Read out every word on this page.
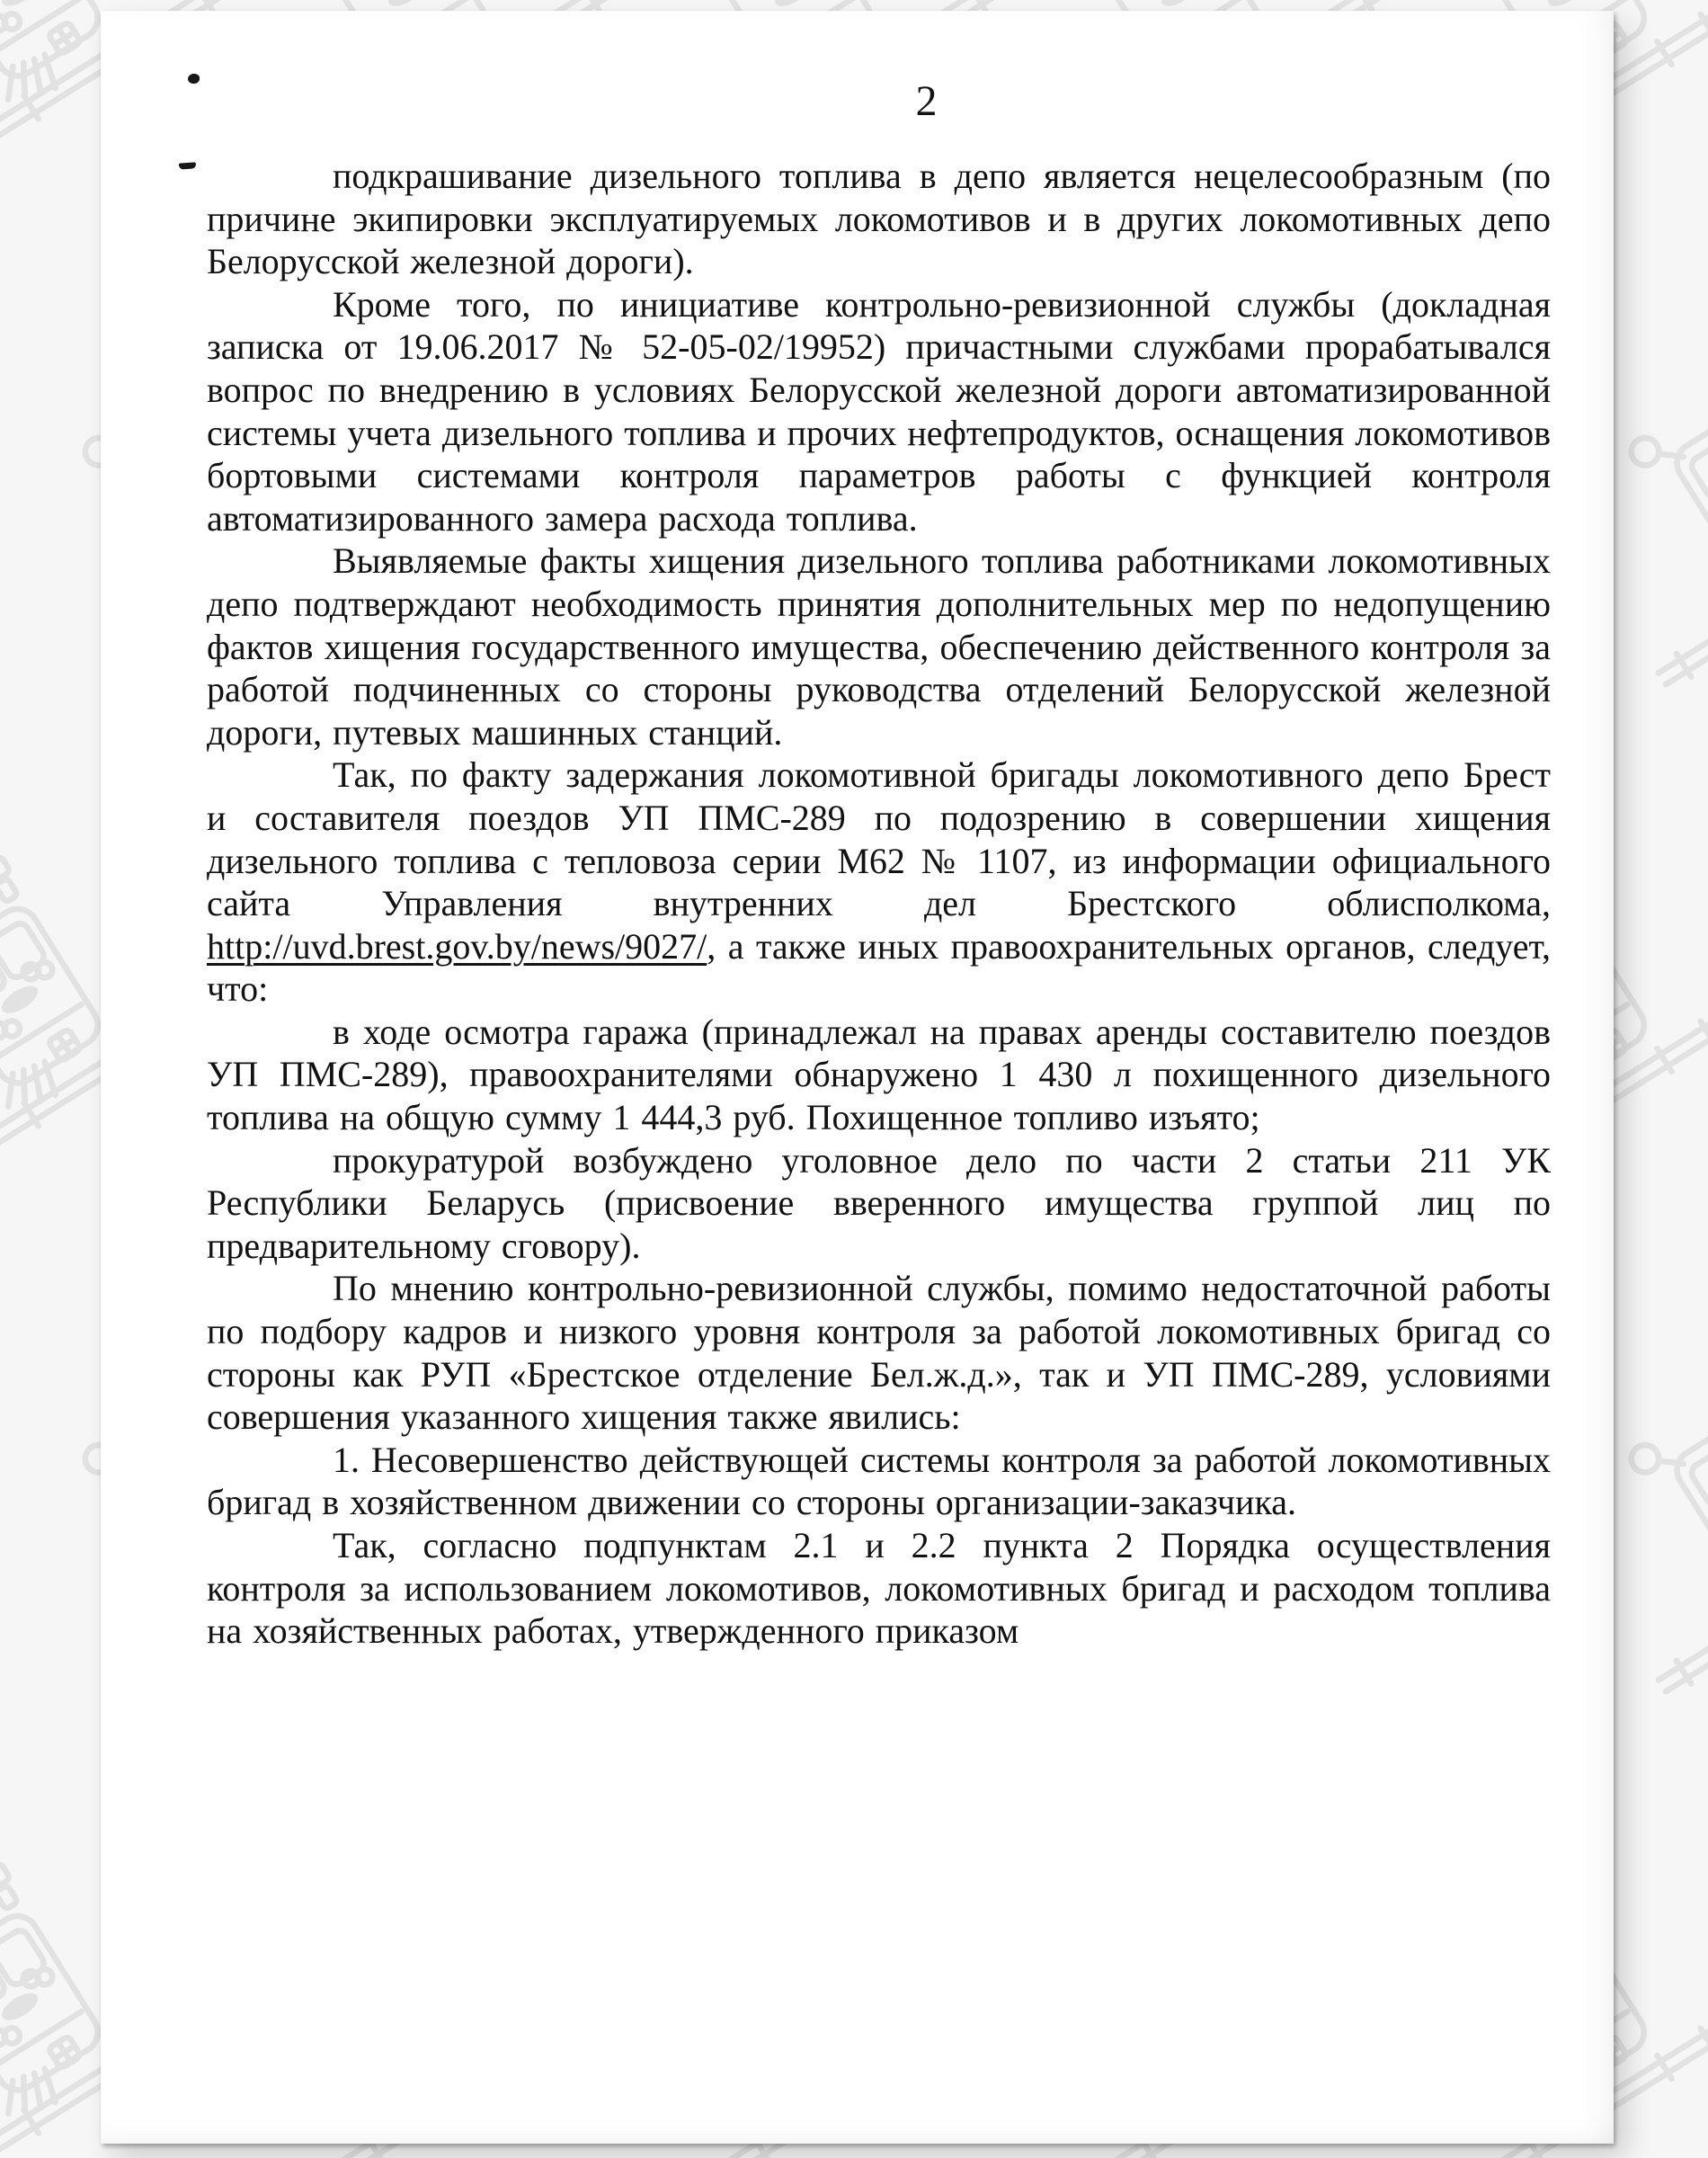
2

подкрашивание дизельного топлива в депо является нецелесообразным (по причине экипировки эксплуатируемых локомотивов и в других локомотивных депо Белорусской железной дороги).

Кроме того, по инициативе контрольно-ревизионной службы (докладная записка от 19.06.2017 № 52-05-02/19952) причастными службами прорабатывался вопрос по внедрению в условиях Белорусской железной дороги автоматизированной системы учета дизельного топлива и прочих нефтепродуктов, оснащения локомотивов бортовыми системами контроля параметров работы с функцией контроля автоматизированного замера расхода топлива.

Выявляемые факты хищения дизельного топлива работниками локомотивных депо подтверждают необходимость принятия дополнительных мер по недопущению фактов хищения государственного имущества, обеспечению действенного контроля за работой подчиненных со стороны руководства отделений Белорусской железной дороги, путевых машинных станций.

Так, по факту задержания локомотивной бригады локомотивного депо Брест и составителя поездов УП ПМС-289 по подозрению в совершении хищения дизельного топлива с тепловоза серии М62 № 1107, из информации официального сайта Управления внутренних дел Брестского облисполкома, http://uvd.brest.gov.by/news/9027/, а также иных правоохранительных органов, следует, что:

в ходе осмотра гаража (принадлежал на правах аренды составителю поездов УП ПМС-289), правоохранителями обнаружено 1 430 л похищенного дизельного топлива на общую сумму 1 444,3 руб. Похищенное топливо изъято;

прокуратурой возбуждено уголовное дело по части 2 статьи 211 УК Республики Беларусь (присвоение вверенного имущества группой лиц по предварительному сговору).

По мнению контрольно-ревизионной службы, помимо недостаточной работы по подбору кадров и низкого уровня контроля за работой локомотивных бригад со стороны как РУП «Брестское отделение Бел.ж.д.», так и УП ПМС-289, условиями совершения указанного хищения также явились:

1. Несовершенство действующей системы контроля за работой локомотивных бригад в хозяйственном движении со стороны организации-заказчика.

Так, согласно подпунктам 2.1 и 2.2 пункта 2 Порядка осуществления контроля за использованием локомотивов, локомотивных бригад и расходом топлива на хозяйственных работах, утвержденного приказом
